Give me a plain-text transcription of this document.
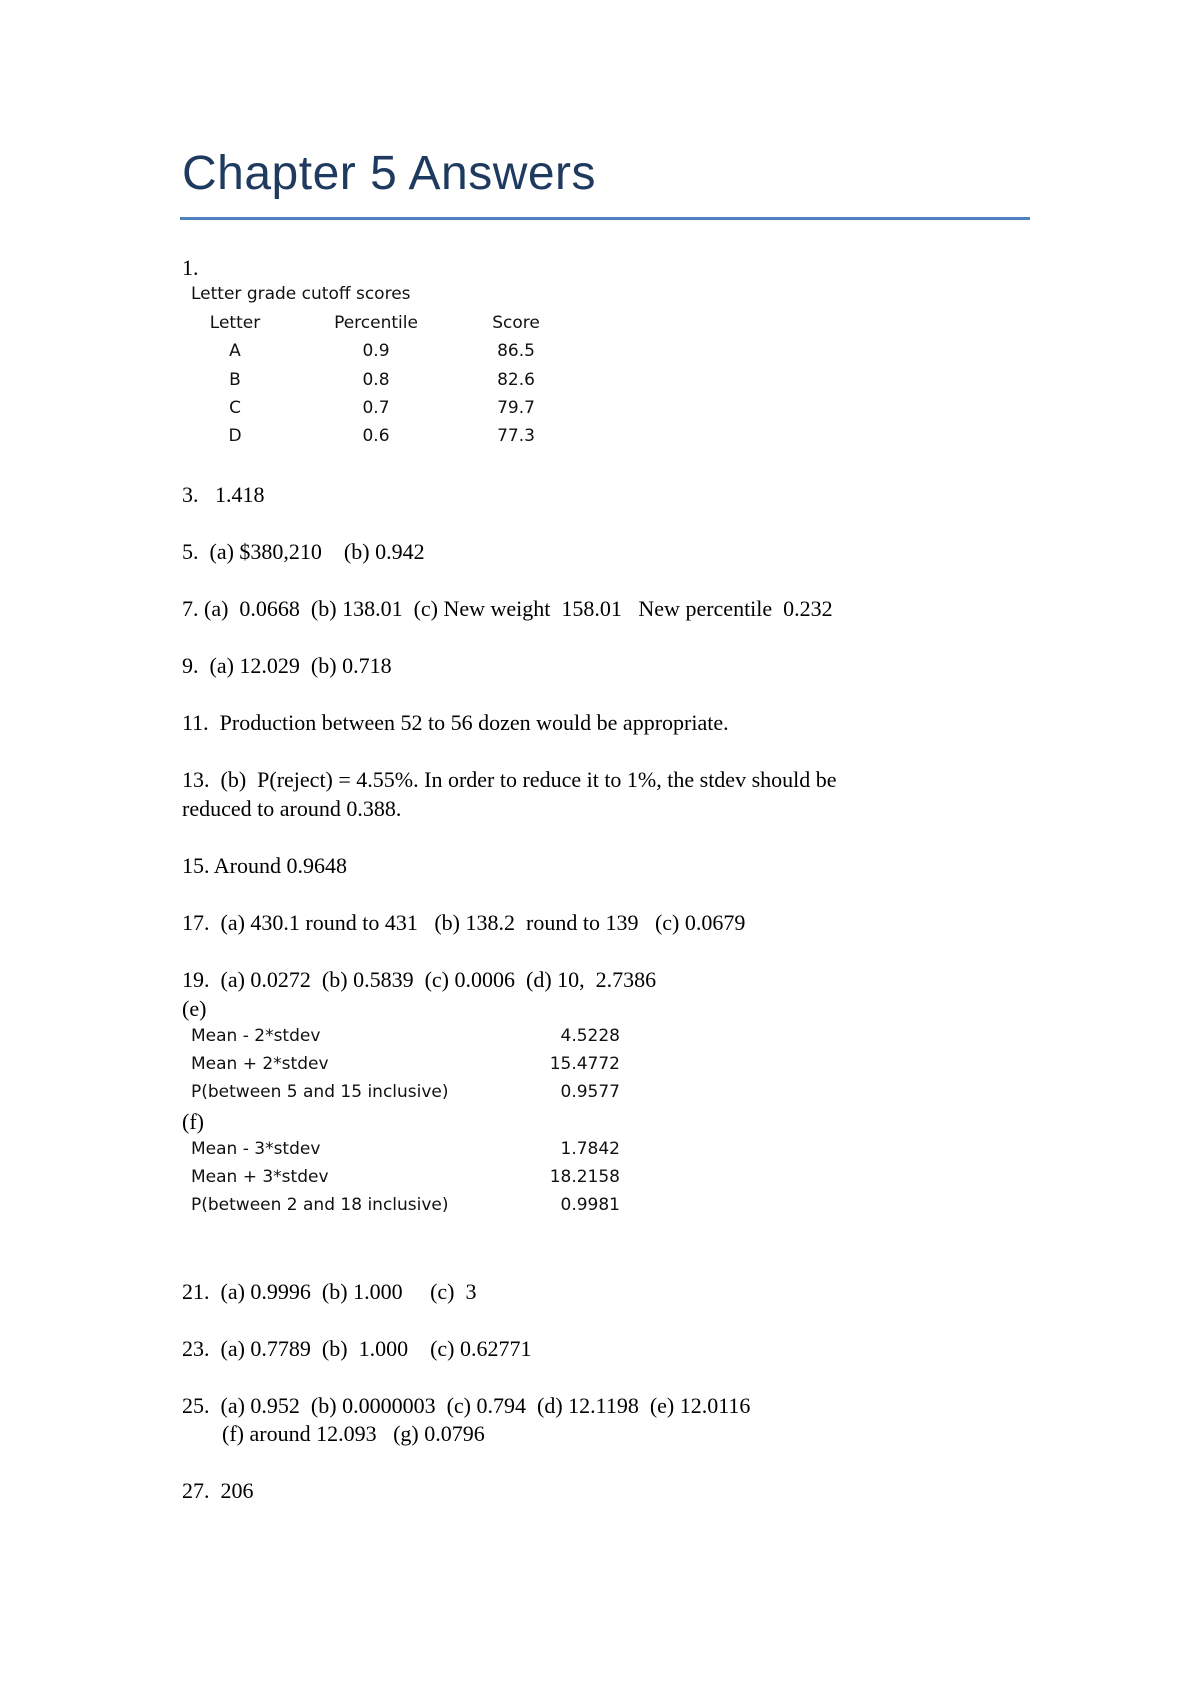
Chapter 5 Answers
1.
Letter grade cutoff scores
Letter	Percentile	Score
A	0.9	86.5
B	0.8	82.6
C	0.7	79.7
D	0.6	77.3
3.   1.418
5.  (a) $380,210    (b) 0.942
7. (a)  0.0668  (b) 138.01  (c) New weight  158.01   New percentile  0.232
9.  (a) 12.029  (b) 0.718
11.  Production between 52 to 56 dozen would be appropriate.
13.  (b)  P(reject) = 4.55%. In order to reduce it to 1%, the stdev should be
reduced to around 0.388.
15. Around 0.9648
17.  (a) 430.1 round to 431   (b) 138.2  round to 139   (c) 0.0679
19.  (a) 0.0272  (b) 0.5839  (c) 0.0006  (d) 10,  2.7386
(e)
Mean - 2*stdev	4.5228
Mean + 2*stdev	15.4772
P(between 5 and 15 inclusive)	0.9577
(f)
Mean - 3*stdev	1.7842
Mean + 3*stdev	18.2158
P(between 2 and 18 inclusive)	0.9981
21.  (a) 0.9996  (b) 1.000     (c)  3
23.  (a) 0.7789  (b)  1.000    (c) 0.62771
25.  (a) 0.952  (b) 0.0000003  (c) 0.794  (d) 12.1198  (e) 12.0116
(f) around 12.093   (g) 0.0796
27.  206
